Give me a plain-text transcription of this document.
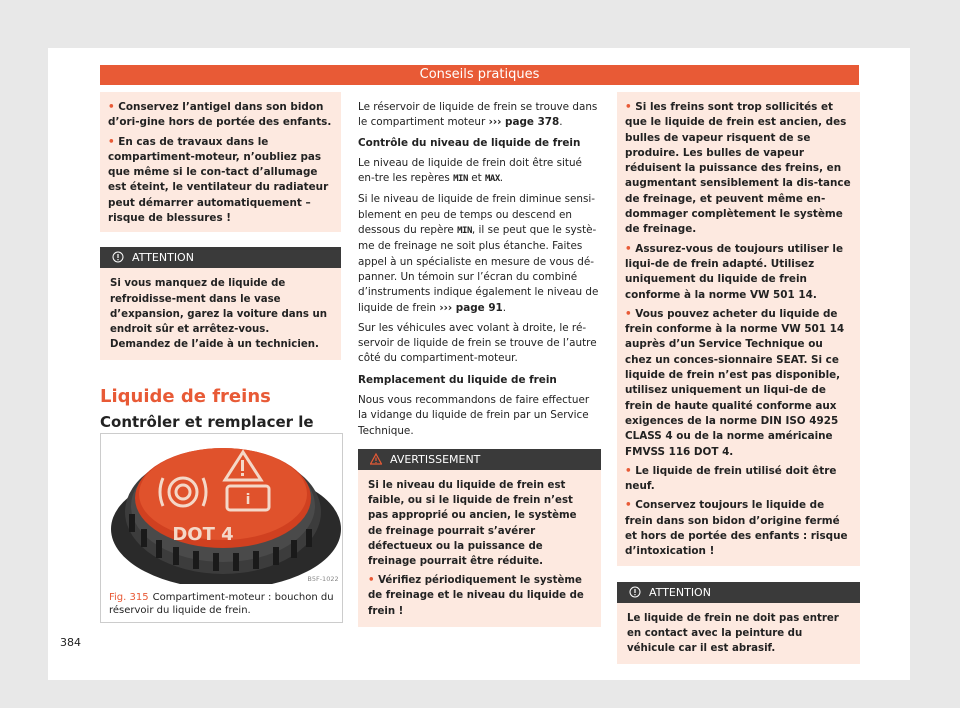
Conseils pratiques

• Conservez l’antigel dans son bidon d’ori-gine hors de portée des enfants.

• En cas de travaux dans le compartiment-moteur, n’oubliez pas que même si le con-tact d’allumage est éteint, le ventilateur du radiateur peut démarrer automatiquement – risque de blessures !

ATTENTION
Si vous manquez de liquide de refroidisse-ment dans le vase d’expansion, garez la voiture dans un endroit sûr et arrêtez-vous. Demandez de l’aide à un technicien.
Liquide de freins
Contrôler et remplacer le
i
DOT 4
B5F-1022
Fig. 315 Compartiment-moteur : bouchon du réservoir du liquide de frein.
384

Le réservoir de liquide de frein se trouve dans le compartiment moteur ››› page 378.

Contrôle du niveau de liquide de frein

Le niveau de liquide de frein doit être situé en-tre les repères MIN et MAX.

Si le niveau de liquide de frein diminue sensi-blement en peu de temps ou descend en dessous du repère MIN, il se peut que le systè-me de freinage ne soit plus étanche. Faites appel à un spécialiste en mesure de vous dé-panner. Un témoin sur l’écran du combiné d’instruments indique également le niveau de liquide de frein ››› page 91.

Sur les véhicules avec volant à droite, le ré-servoir de liquide de frein se trouve de l’autre côté du compartiment-moteur.

Remplacement du liquide de frein

Nous vous recommandons de faire effectuer la vidange du liquide de frein par un Service Technique.

AVERTISSEMENT

Si le niveau du liquide de frein est faible, ou si le liquide de frein n’est pas approprié ou ancien, le système de freinage pourrait s’avérer défectueux ou la puissance de freinage pourrait être réduite.

• Vérifiez périodiquement le système de freinage et le niveau du liquide de frein !

• Si les freins sont trop sollicités et que le liquide de frein est ancien, des bulles de vapeur risquent de se produire. Les bulles de vapeur réduisent la puissance des freins, en augmentant sensiblement la dis-tance de freinage, et peuvent même en-dommager complètement le système de freinage.

• Assurez-vous de toujours utiliser le liqui-de de frein adapté. Utilisez uniquement du liquide de frein conforme à la norme VW 501 14.

• Vous pouvez acheter du liquide de frein conforme à la norme VW 501 14 auprès d’un Service Technique ou chez un conces-sionnaire SEAT. Si ce liquide de frein n’est pas disponible, utilisez uniquement un liqui-de de frein de haute qualité conforme aux exigences de la norme DIN ISO 4925 CLASS 4 ou de la norme américaine FMVSS 116 DOT 4.

• Le liquide de frein utilisé doit être neuf.

• Conservez toujours le liquide de frein dans son bidon d’origine fermé et hors de portée des enfants : risque d’intoxication !

ATTENTION
Le liquide de frein ne doit pas entrer en contact avec la peinture du véhicule car il est abrasif.
